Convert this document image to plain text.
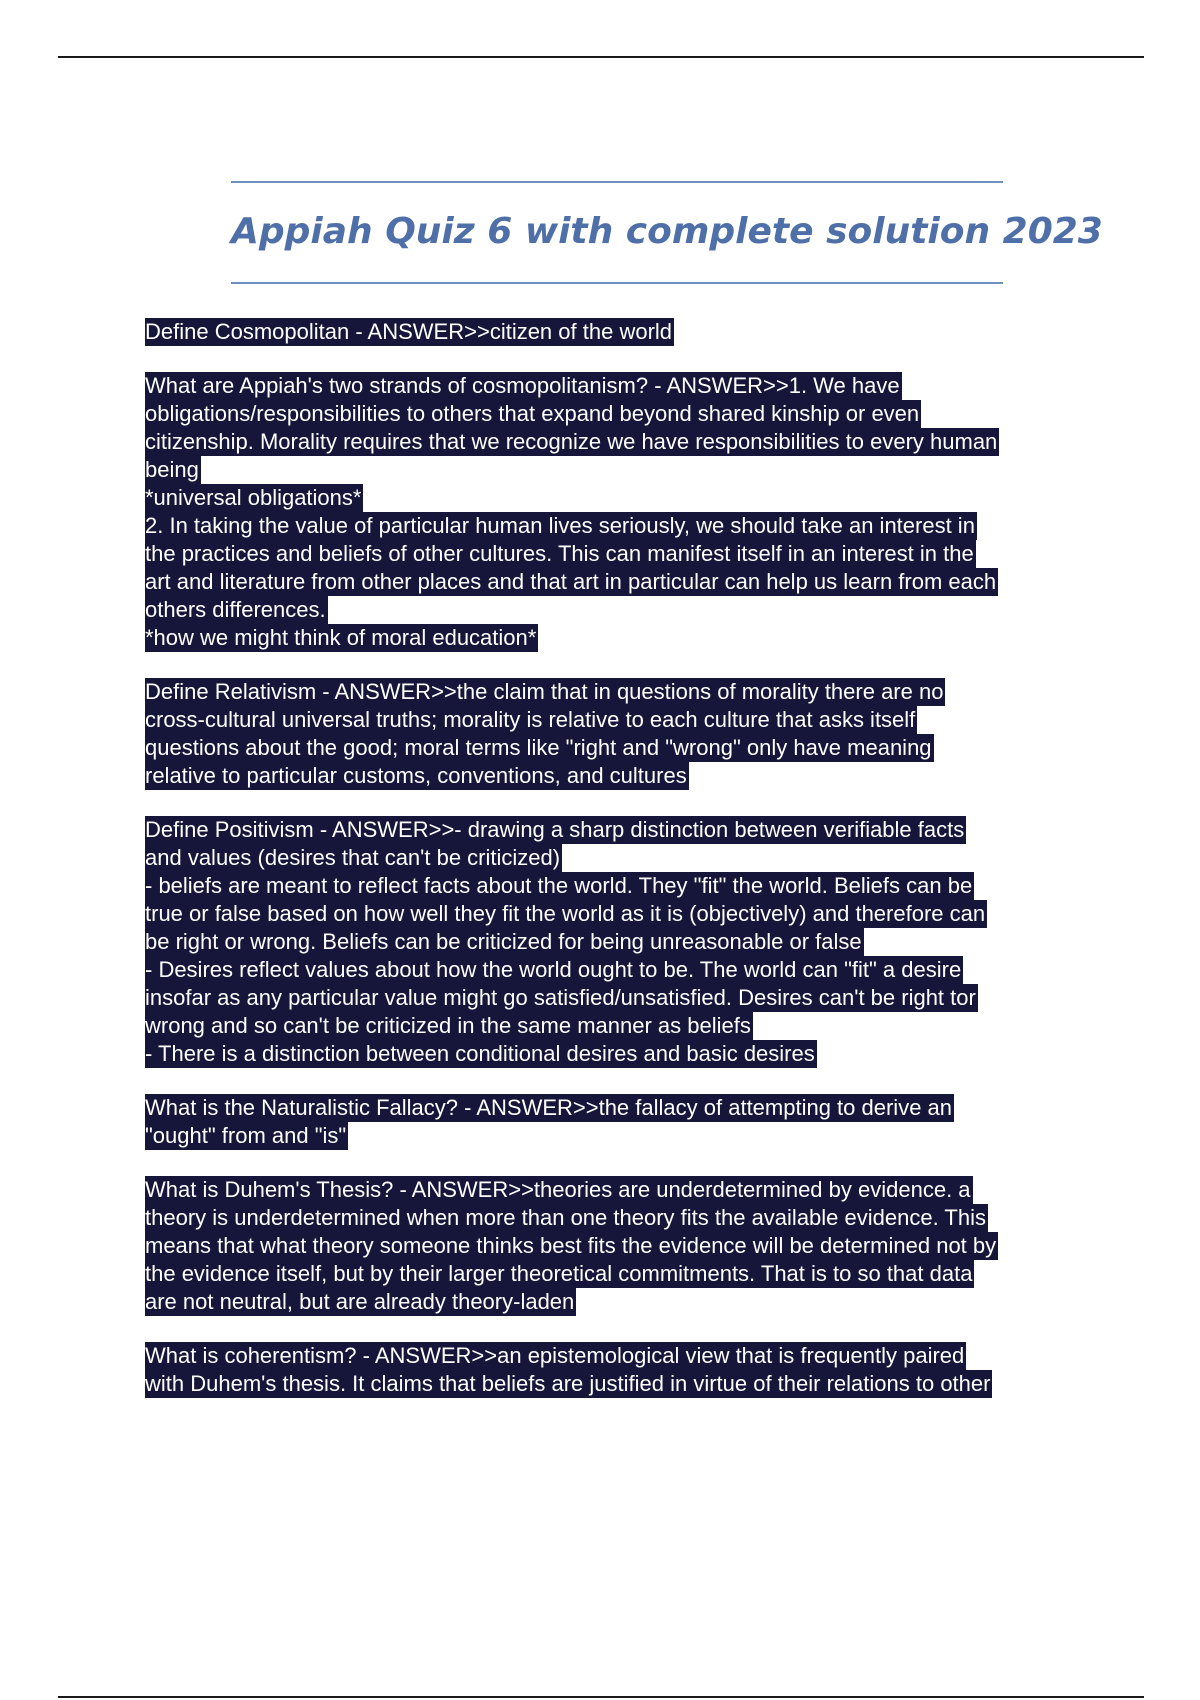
Appiah Quiz 6 with complete solution 2023
Define Cosmopolitan - ANSWER>>citizen of the world
What are Appiah's two strands of cosmopolitanism? - ANSWER>>1. We have
obligations/responsibilities to others that expand beyond shared kinship or even
citizenship. Morality requires that we recognize we have responsibilities to every human
being
*universal obligations*
2. In taking the value of particular human lives seriously, we should take an interest in
the practices and beliefs of other cultures. This can manifest itself in an interest in the
art and literature from other places and that art in particular can help us learn from each
others differences.
*how we might think of moral education*
Define Relativism - ANSWER>>the claim that in questions of morality there are no
cross-cultural universal truths; morality is relative to each culture that asks itself
questions about the good; moral terms like "right and "wrong" only have meaning
relative to particular customs, conventions, and cultures
Define Positivism - ANSWER>>- drawing a sharp distinction between verifiable facts
and values (desires that can't be criticized)
- beliefs are meant to reflect facts about the world. They "fit" the world. Beliefs can be
true or false based on how well they fit the world as it is (objectively) and therefore can
be right or wrong. Beliefs can be criticized for being unreasonable or false
- Desires reflect values about how the world ought to be. The world can "fit" a desire
insofar as any particular value might go satisfied/unsatisfied. Desires can't be right tor
wrong and so can't be criticized in the same manner as beliefs
- There is a distinction between conditional desires and basic desires
What is the Naturalistic Fallacy? - ANSWER>>the fallacy of attempting to derive an
"ought" from and "is"
What is Duhem's Thesis? - ANSWER>>theories are underdetermined by evidence. a
theory is underdetermined when more than one theory fits the available evidence. This
means that what theory someone thinks best fits the evidence will be determined not by
the evidence itself, but by their larger theoretical commitments. That is to so that data
are not neutral, but are already theory-laden
What is coherentism? - ANSWER>>an epistemological view that is frequently paired
with Duhem's thesis. It claims that beliefs are justified in virtue of their relations to other
